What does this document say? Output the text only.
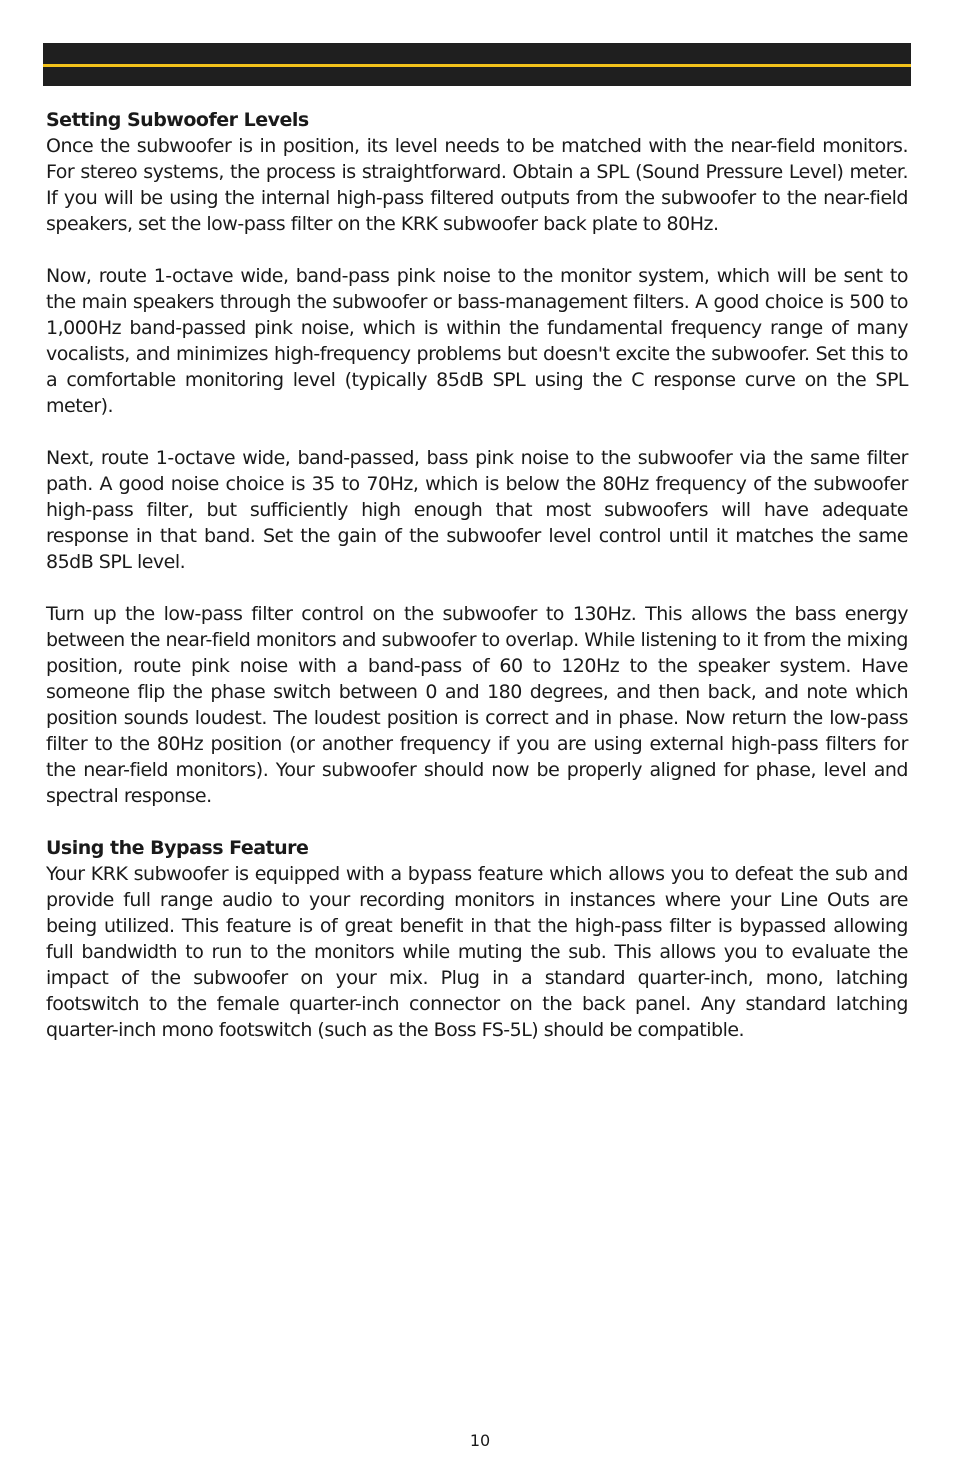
Setting Subwoofer Levels

Once the subwoofer is in position, its level needs to be matched with the near-field monitors. For stereo systems, the process is straightforward. Obtain a SPL (Sound Pressure Level) meter. If you will be using the internal high-pass filtered outputs from the subwoofer to the near-field speakers, set the low-pass filter on the KRK subwoofer back plate to 80Hz.

Now, route 1-octave wide, band-pass pink noise to the monitor system, which will be sent to the main speakers through the subwoofer or bass-management filters. A good choice is 500 to 1,000Hz band-passed pink noise, which is within the fundamental frequency range of many vocalists, and minimizes high-frequency problems but doesn't excite the subwoofer. Set this to a comfortable monitoring level (typically 85dB SPL using the C response curve on the SPL meter).

Next, route 1-octave wide, band-passed, bass pink noise to the subwoofer via the same filter path. A good noise choice is 35 to 70Hz, which is below the 80Hz frequency of the subwoofer high-pass filter, but sufficiently high enough that most subwoofers will have adequate response in that band. Set the gain of the subwoofer level control until it matches the same 85dB SPL level.

Turn up the low-pass filter control on the subwoofer to 130Hz. This allows the bass energy between the near-field monitors and subwoofer to overlap. While listening to it from the mixing position, route pink noise with a band-pass of 60 to 120Hz to the speaker system. Have someone flip the phase switch between 0 and 180 degrees, and then back, and note which position sounds loudest. The loudest position is correct and in phase. Now return the low-pass filter to the 80Hz position (or another frequency if you are using external high-pass filters for the near-field monitors). Your subwoofer should now be properly aligned for phase, level and spectral response.

Using the Bypass Feature

Your KRK subwoofer is equipped with a bypass feature which allows you to defeat the sub and provide full range audio to your recording monitors in instances where your Line Outs are being utilized. This feature is of great benefit in that the high-pass filter is bypassed allowing full bandwidth to run to the monitors while muting the sub. This allows you to evaluate the impact of the subwoofer on your mix. Plug in a standard quarter-inch, mono, latching footswitch to the female quarter-inch connector on the back panel. Any standard latching quarter-inch mono footswitch (such as the Boss FS-5L) should be compatible.

10
